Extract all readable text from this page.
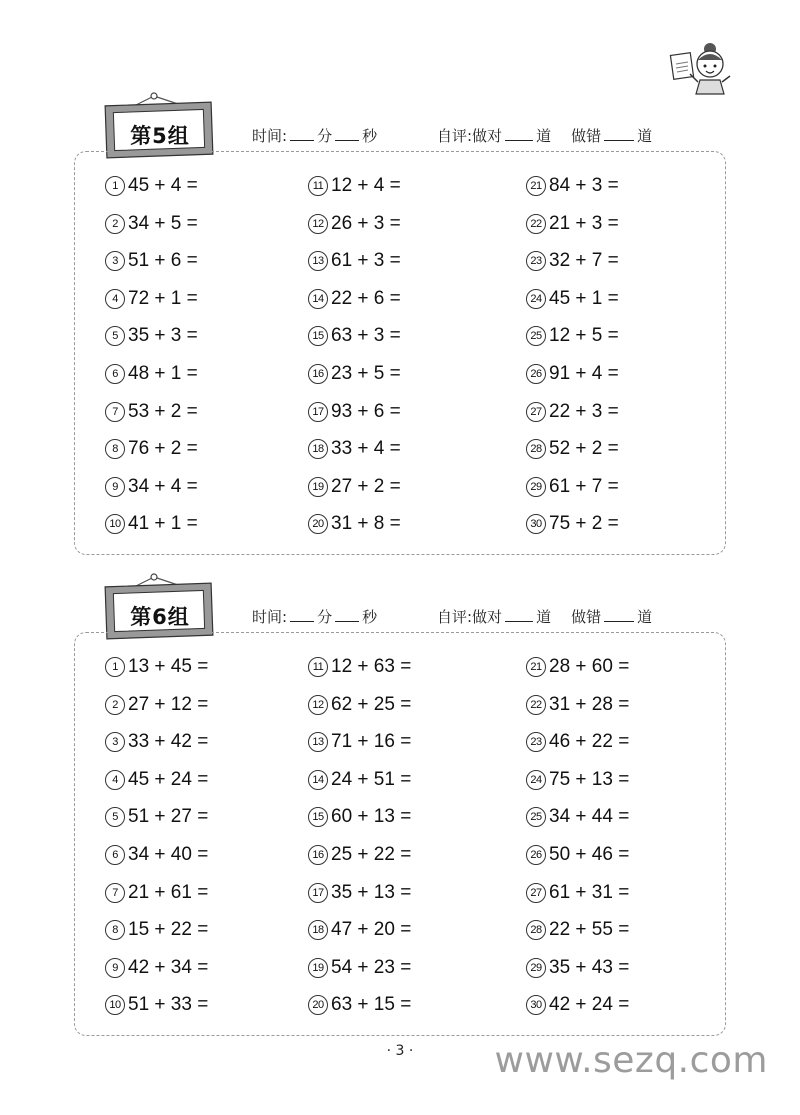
第5组	时间: 分 秒	自评:做对 道 做错 道
1 45 + 4 =
2 34 + 5 =
3 51 + 6 =
4 72 + 1 =
5 35 + 3 =
6 48 + 1 =
7 53 + 2 =
8 76 + 2 =
9 34 + 4 =
10 41 + 1 =
11 12 + 4 =
12 26 + 3 =
13 61 + 3 =
14 22 + 6 =
15 63 + 3 =
16 23 + 5 =
17 93 + 6 =
18 33 + 4 =
19 27 + 2 =
20 31 + 8 =
21 84 + 3 =
22 21 + 3 =
23 32 + 7 =
24 45 + 1 =
25 12 + 5 =
26 91 + 4 =
27 22 + 3 =
28 52 + 2 =
29 61 + 7 =
30 75 + 2 =
第6组	时间: 分 秒	自评:做对 道 做错 道
1 13 + 45 =
2 27 + 12 =
3 33 + 42 =
4 45 + 24 =
5 51 + 27 =
6 34 + 40 =
7 21 + 61 =
8 15 + 22 =
9 42 + 34 =
10 51 + 33 =
11 12 + 63 =
12 62 + 25 =
13 71 + 16 =
14 24 + 51 =
15 60 + 13 =
16 25 + 22 =
17 35 + 13 =
18 47 + 20 =
19 54 + 23 =
20 63 + 15 =
21 28 + 60 =
22 31 + 28 =
23 46 + 22 =
24 75 + 13 =
25 34 + 44 =
26 50 + 46 =
27 61 + 31 =
28 22 + 55 =
29 35 + 43 =
30 42 + 24 =
· 3 ·	www.sezq.com
